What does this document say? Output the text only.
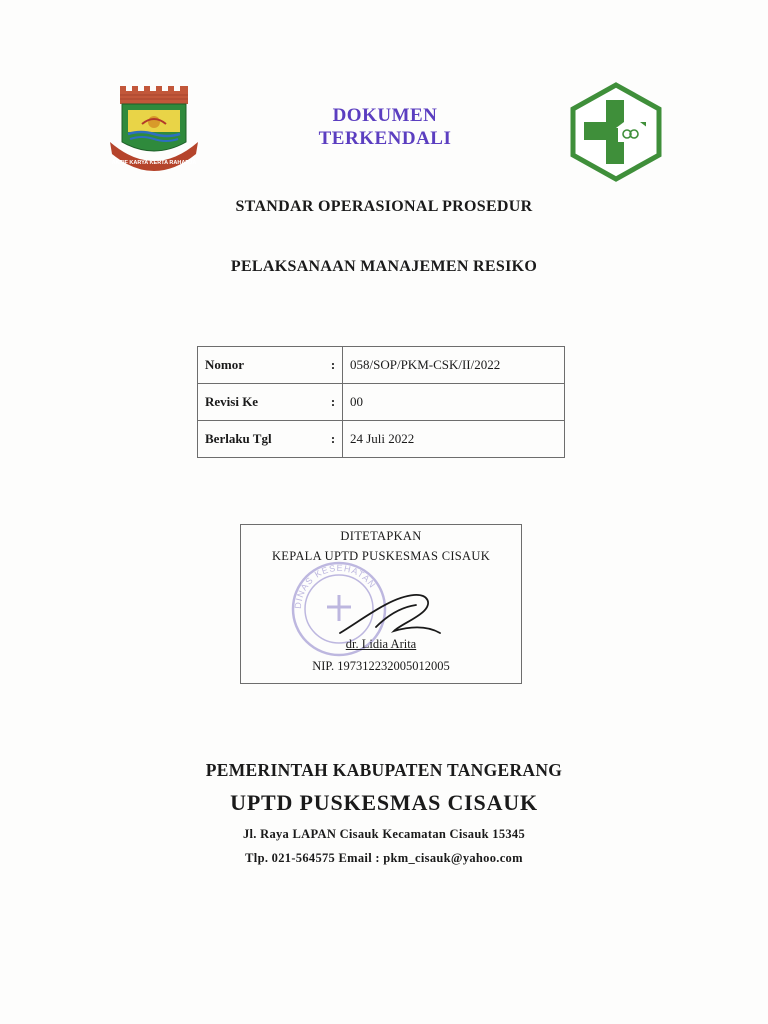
AKTIF KARYA KERTA RAHARJA
DOKUMEN
TERKENDALI
STANDAR OPERASIONAL PROSEDUR
PELAKSANAAN MANAJEMEN RESIKO
Nomor	:	058/SOP/PKM-CSK/II/2022
Revisi Ke	:	00
Berlaku Tgl	:	24 Juli 2022
DINAS KESEHATAN
DITETAPKAN
KEPALA UPTD PUSKESMAS CISAUK
dr. Lidia Arita
NIP. 197312232005012005
PEMERINTAH KABUPATEN TANGERANG
UPTD PUSKESMAS CISAUK
Jl. Raya LAPAN Cisauk Kecamatan Cisauk 15345
Tlp. 021-564575 Email : pkm_cisauk@yahoo.com
